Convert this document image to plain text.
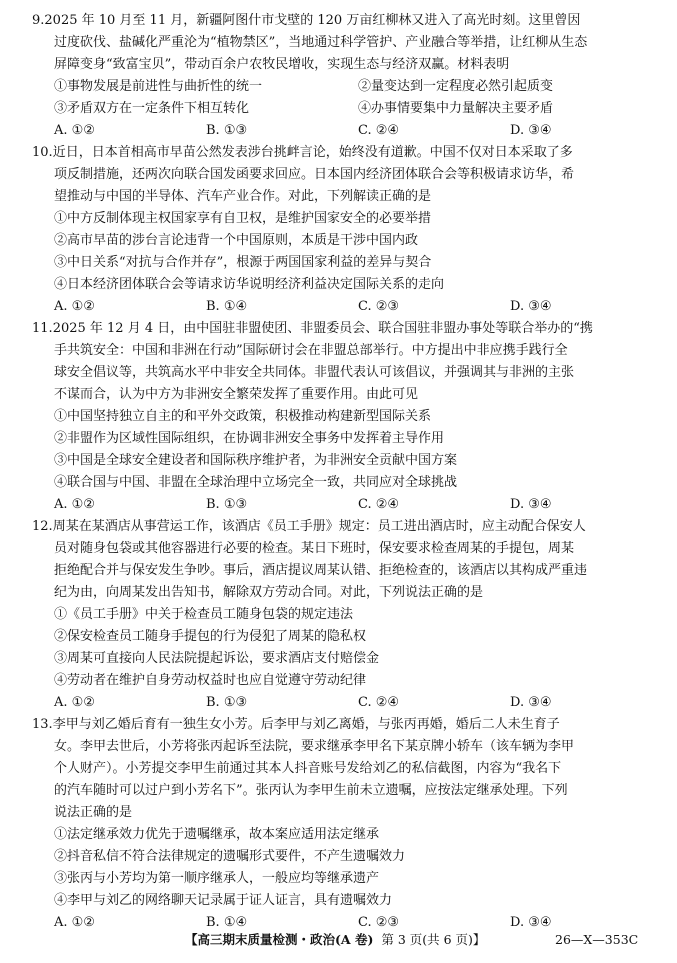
9.2025 年 10 月至 11 月，新疆阿图什市戈壁的 120 万亩红柳林又进入了高光时刻。这里曾因
过度砍伐、盐碱化严重沦为“植物禁区”，当地通过科学管护、产业融合等举措，让红柳从生态
屏障变身“致富宝贝”，带动百余户农牧民增收，实现生态与经济双赢。材料表明
①事物发展是前进性与曲折性的统一	②量变达到一定程度必然引起质变
③矛盾双方在一定条件下相互转化	④办事情要集中力量解决主要矛盾
A. ①②	B. ①③	C. ②④	D. ③④
10.近日，日本首相高市早苗公然发表涉台挑衅言论，始终没有道歉。中国不仅对日本采取了多
项反制措施，还两次向联合国发函要求回应。日本国内经济团体联合会等积极请求访华，希
望推动与中国的半导体、汽车产业合作。对此，下列解读正确的是
①中方反制体现主权国家享有自卫权，是维护国家安全的必要举措
②高市早苗的涉台言论违背一个中国原则，本质是干涉中国内政
③中日关系“对抗与合作并存”，根源于两国国家利益的差异与契合
④日本经济团体联合会等请求访华说明经济利益决定国际关系的走向
A. ①②	B. ①④	C. ②③	D. ③④
11.2025 年 12 月 4 日，由中国驻非盟使团、非盟委员会、联合国驻非盟办事处等联合举办的“携
手共筑安全：中国和非洲在行动”国际研讨会在非盟总部举行。中方提出中非应携手践行全
球安全倡议等，共筑高水平中非安全共同体。非盟代表认可该倡议，并强调其与非洲的主张
不谋而合，认为中方为非洲安全繁荣发挥了重要作用。由此可见
①中国坚持独立自主的和平外交政策，积极推动构建新型国际关系
②非盟作为区域性国际组织，在协调非洲安全事务中发挥着主导作用
③中国是全球安全建设者和国际秩序维护者，为非洲安全贡献中国方案
④联合国与中国、非盟在全球治理中立场完全一致，共同应对全球挑战
A. ①②	B. ①③	C. ②④	D. ③④
12.周某在某酒店从事营运工作，该酒店《员工手册》规定：员工进出酒店时，应主动配合保安人
员对随身包袋或其他容器进行必要的检查。某日下班时，保安要求检查周某的手提包，周某
拒绝配合并与保安发生争吵。事后，酒店提议周某认错、拒绝检查的，该酒店以其构成严重违
纪为由，向周某发出告知书，解除双方劳动合同。对此，下列说法正确的是
①《员工手册》中关于检查员工随身包袋的规定违法
②保安检查员工随身手提包的行为侵犯了周某的隐私权
③周某可直接向人民法院提起诉讼，要求酒店支付赔偿金
④劳动者在维护自身劳动权益时也应自觉遵守劳动纪律
A. ①②	B. ①③	C. ②④	D. ③④
13.李甲与刘乙婚后育有一独生女小芳。后李甲与刘乙离婚，与张丙再婚，婚后二人未生育子
女。李甲去世后，小芳将张丙起诉至法院，要求继承李甲名下某京牌小轿车（该车辆为李甲
个人财产）。小芳提交李甲生前通过其本人抖音账号发给刘乙的私信截图，内容为“我名下
的汽车随时可以过户到小芳名下”。张丙认为李甲生前未立遗嘱，应按法定继承处理。下列
说法正确的是
①法定继承效力优先于遗嘱继承，故本案应适用法定继承
②抖音私信不符合法律规定的遗嘱形式要件，不产生遗嘱效力
③张丙与小芳均为第一顺序继承人，一般应均等继承遗产
④李甲与刘乙的网络聊天记录属于证人证言，具有遗嘱效力
A. ①②	B. ①④	C. ②③	D. ③④
【高三期末质量检测・政治(A 卷) 第 3 页(共 6 页)】	26—X—353C
